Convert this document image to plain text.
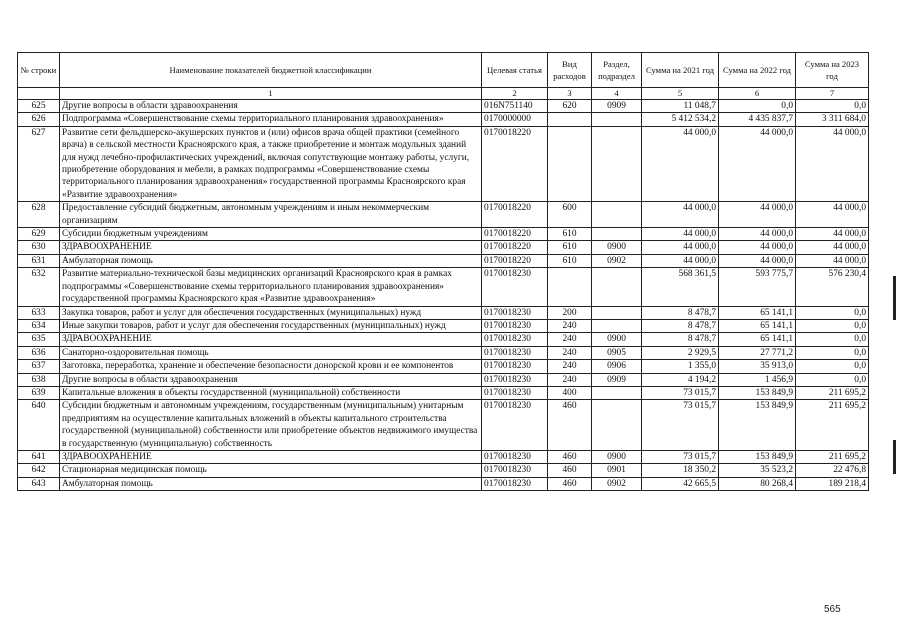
№ строки	Наименование показателей бюджетной классификации	Целевая статья	Вид расходов	Раздел, подраздел	Сумма на 2021 год	Сумма на 2022 год	Сумма на 2023 год
	1	2	3	4	5	6	7
625	Другие вопросы в области здравоохранения	016N751140	620	0909	11 048,7	0,0	0,0
626	Подпрограмма «Совершенствование схемы территориального планирования здравоохранения»	0170000000			5 412 534,2	4 435 837,7	3 311 684,0
627	Развитие сети фельдшерско-акушерских пунктов и (или) офисов врача общей практики (семейного врача) в сельской местности Красноярского края, а также приобретение и монтаж модульных зданий для нужд лечебно-профилактических учреждений, включая сопутствующие монтажу работы, услуги, приобретение оборудования и мебели, в рамках подпрограммы «Совершенствование схемы территориального планирования здравоохранения» государственной программы Красноярского края «Развитие здравоохранения»	0170018220			44 000,0	44 000,0	44 000,0
628	Предоставление субсидий бюджетным, автономным учреждениям и иным некоммерческим организациям	0170018220	600		44 000,0	44 000,0	44 000,0
629	Субсидии бюджетным учреждениям	0170018220	610		44 000,0	44 000,0	44 000,0
630	ЗДРАВООХРАНЕНИЕ	0170018220	610	0900	44 000,0	44 000,0	44 000,0
631	Амбулаторная помощь	0170018220	610	0902	44 000,0	44 000,0	44 000,0
632	Развитие материально-технической базы медицинских организаций Красноярского края в рамках подпрограммы «Совершенствование схемы территориального планирования здравоохранения» государственной программы Красноярского края «Развитие здравоохранения»	0170018230			568 361,5	593 775,7	576 230,4
633	Закупка товаров, работ и услуг для обеспечения государственных (муниципальных) нужд	0170018230	200		8 478,7	65 141,1	0,0
634	Иные закупки товаров, работ и услуг для обеспечения государственных (муниципальных) нужд	0170018230	240		8 478,7	65 141,1	0,0
635	ЗДРАВООХРАНЕНИЕ	0170018230	240	0900	8 478,7	65 141,1	0,0
636	Санаторно-оздоровительная помощь	0170018230	240	0905	2 929,5	27 771,2	0,0
637	Заготовка, переработка, хранение и обеспечение безопасности донорской крови и ее компонентов	0170018230	240	0906	1 355,0	35 913,0	0,0
638	Другие вопросы в области здравоохранения	0170018230	240	0909	4 194,2	1 456,9	0,0
639	Капитальные вложения в объекты государственной (муниципальной) собственности	0170018230	400		73 015,7	153 849,9	211 695,2
640	Субсидии бюджетным и автономным учреждениям, государственным (муниципальным) унитарным предприятиям на осуществление капитальных вложений в объекты капитального строительства государственной (муниципальной) собственности или приобретение объектов недвижимого имущества в государственную (муниципальную) собственность	0170018230	460		73 015,7	153 849,9	211 695,2
641	ЗДРАВООХРАНЕНИЕ	0170018230	460	0900	73 015,7	153 849,9	211 695,2
642	Стационарная медицинская помощь	0170018230	460	0901	18 350,2	35 523,2	22 476,8
643	Амбулаторная помощь	0170018230	460	0902	42 665,5	80 268,4	189 218,4
565
